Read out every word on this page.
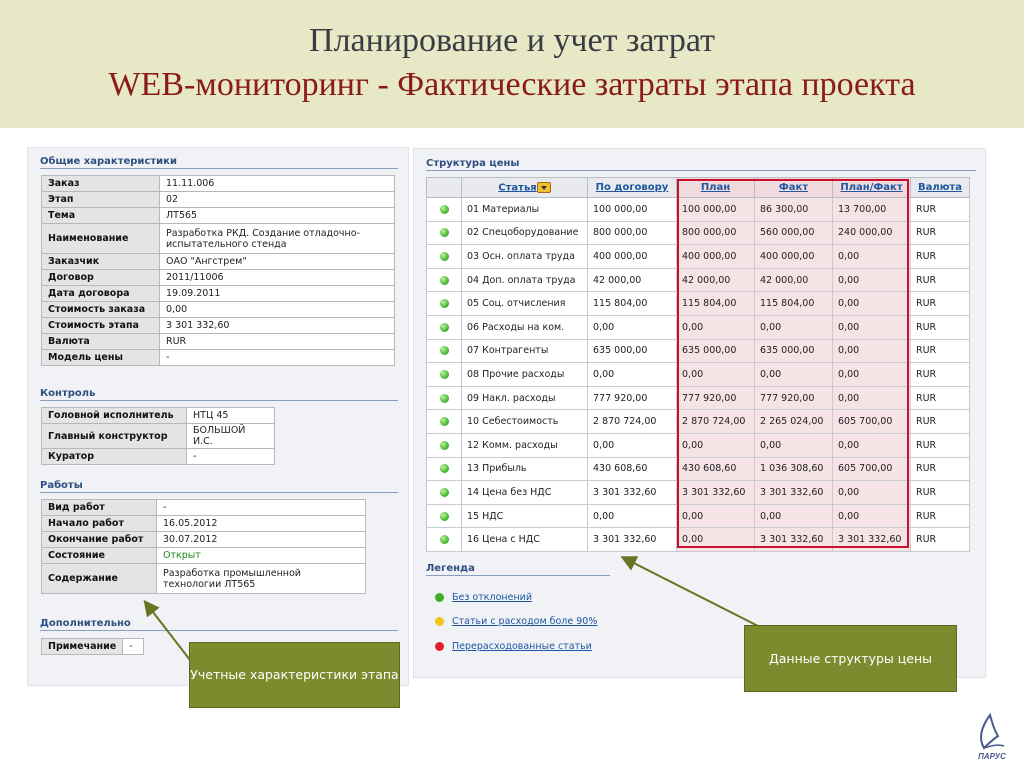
Планирование и учет затрат
WEB-мониторинг - Фактические затраты этапа проекта
Общие характеристики
Заказ	11.11.006
Этап	02
Тема	ЛТ565
Наименование	Разработка РКД. Создание отладочно-испытательного стенда
Заказчик	ОАО "Ангстрем"
Договор	2011/11006
Дата договора	19.09.2011
Стоимость заказа	0,00
Стоимость этапа	3 301 332,60
Валюта	RUR
Модель цены	-
Контроль
Головной исполнитель	НТЦ 45
Главный конструктор	БОЛЬШОЙ И.С.
Куратор	-
Работы
Вид работ	-
Начало работ	16.05.2012
Окончание работ	30.07.2012
Состояние	Открыт
Содержание	Разработка промышленной технологии ЛТ565
Дополнительно
Примечание	-
Структура цены
	Статья	По договору	План	Факт	План/Факт	Валюта
	01 Материалы	100 000,00	100 000,00	86 300,00	13 700,00	RUR
	02 Спецоборудование	800 000,00	800 000,00	560 000,00	240 000,00	RUR
	03 Осн. оплата труда	400 000,00	400 000,00	400 000,00	0,00	RUR
	04 Доп. оплата труда	42 000,00	42 000,00	42 000,00	0,00	RUR
	05 Соц. отчисления	115 804,00	115 804,00	115 804,00	0,00	RUR
	06 Расходы на ком.	0,00	0,00	0,00	0,00	RUR
	07 Контрагенты	635 000,00	635 000,00	635 000,00	0,00	RUR
	08 Прочие расходы	0,00	0,00	0,00	0,00	RUR
	09 Накл. расходы	777 920,00	777 920,00	777 920,00	0,00	RUR
	10 Себестоимость	2 870 724,00	2 870 724,00	2 265 024,00	605 700,00	RUR
	12 Комм. расходы	0,00	0,00	0,00	0,00	RUR
	13 Прибыль	430 608,60	430 608,60	1 036 308,60	605 700,00	RUR
	14 Цена без НДС	3 301 332,60	3 301 332,60	3 301 332,60	0,00	RUR
	15 НДС	0,00	0,00	0,00	0,00	RUR
	16 Цена с НДС	3 301 332,60	0,00	3 301 332,60	3 301 332,60	RUR
Легенда
Без отклонений
Статьи с расходом боле 90%
Перерасходованные статьи
Учетные характеристики этапа
Данные структуры цены
ПАРУС
